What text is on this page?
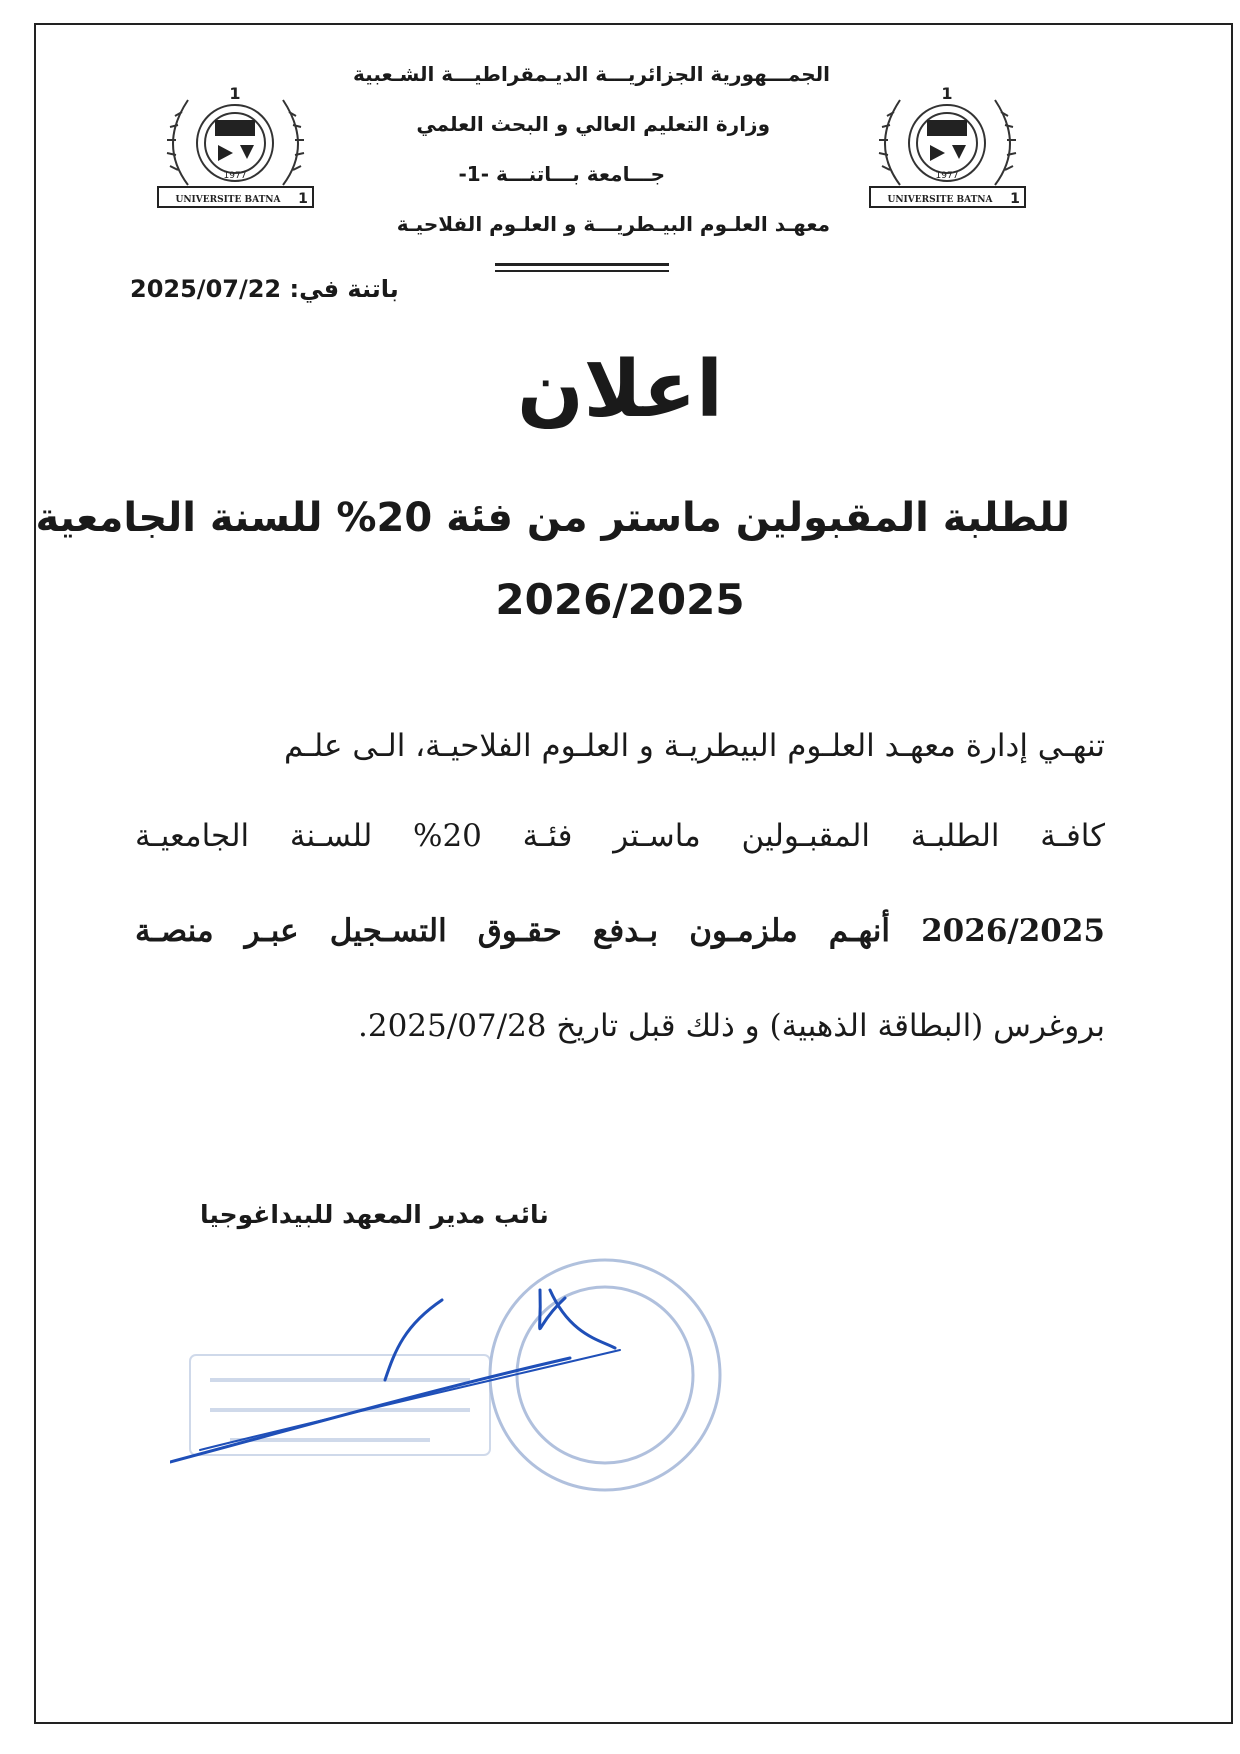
1
1977
UNIVERSITE BATNA 1
1
1977
UNIVERSITE BATNA 1
الجمـــهورية الجزائريـــة الديـمقراطيـــة الشـعبية
وزارة التعليم العالي و البحث العلمي
جـــامعة بـــاتنـــة -1-
معهـد العلـوم البيـطريـــة و العلـوم الفلاحيـة
باتنة في: 2025/07/22
اعلان
للطلبة المقبولين ماستر من فئة 20% للسنة الجامعية
2026/2025
تنهـي إدارة معهـد العلـوم البيطريـة و العلـوم الفلاحيـة، الـى علـم
كافـة الطلبـة المقبـولين ماسـتر فئـة 20% للسـنة الجامعيـة
2026/2025 أنهـم ملزمـون بـدفع حقـوق التسـجيل عبـر منصـة
بروغرس (البطاقة الذهبية) و ذلك قبل تاريخ 2025/07/28.
نائب مدير المعهد للبيداغوجيا
